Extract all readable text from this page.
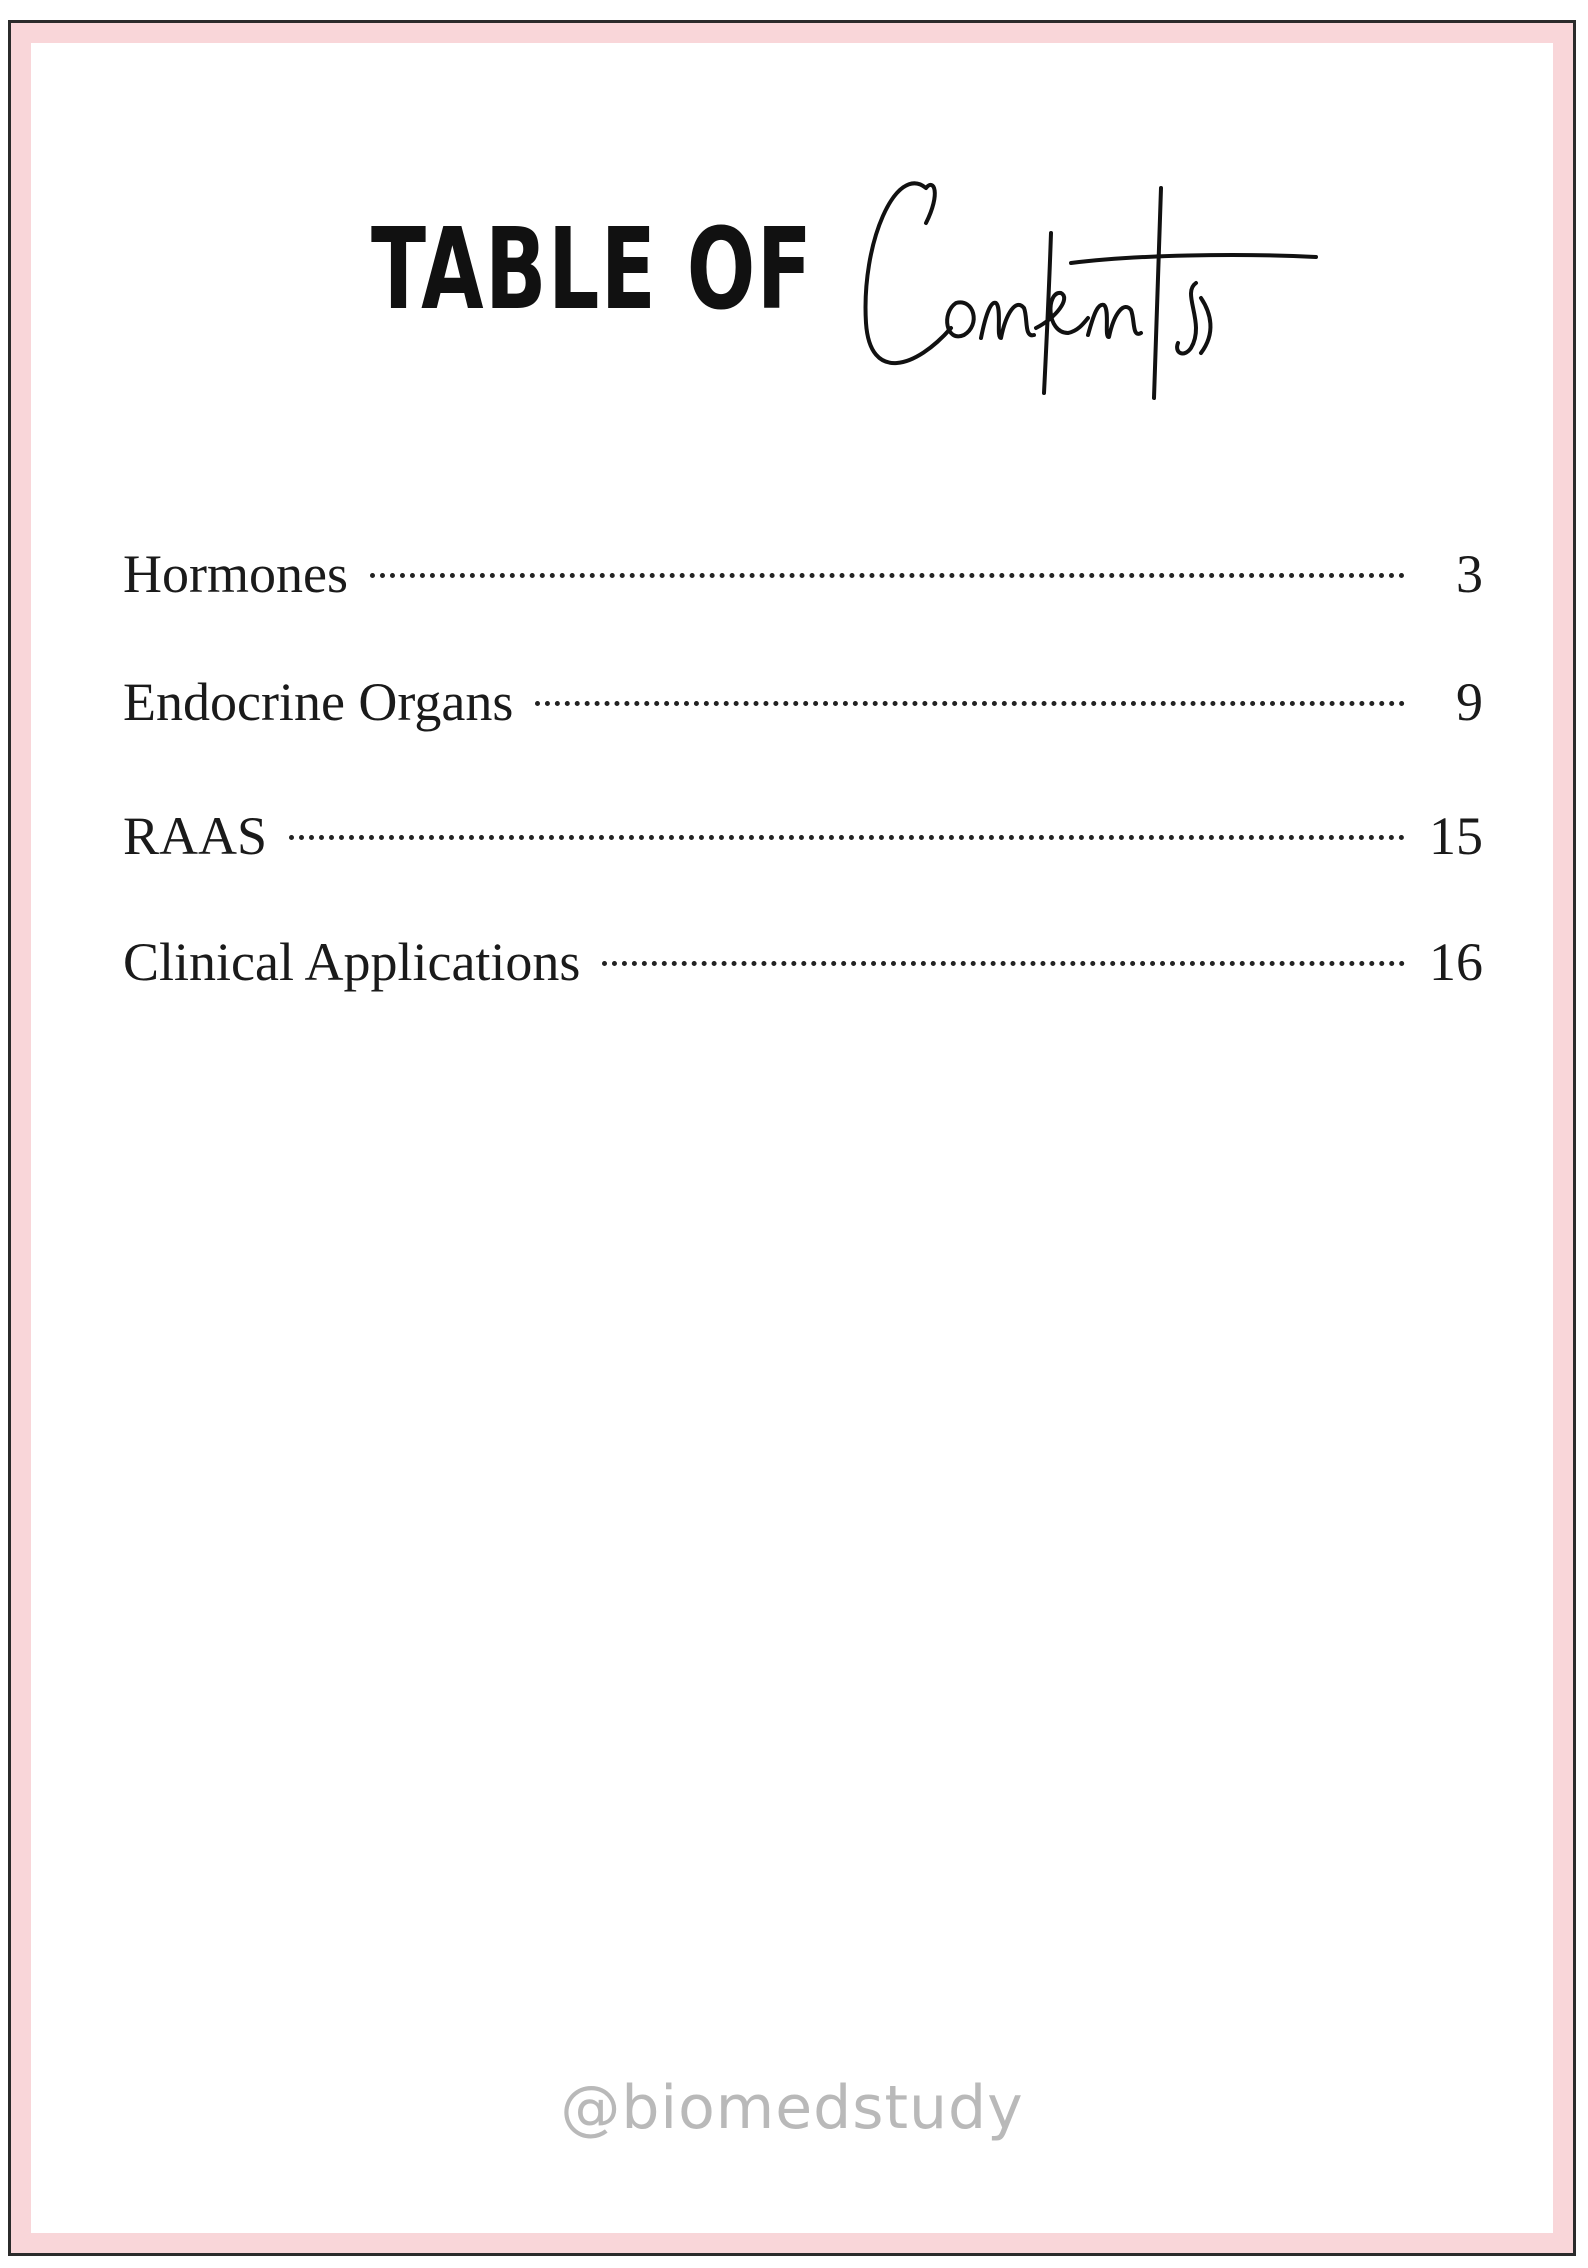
TABLE OF
Hormones	3
Endocrine Organs	9
RAAS	15
Clinical Applications	16
@biomedstudy
